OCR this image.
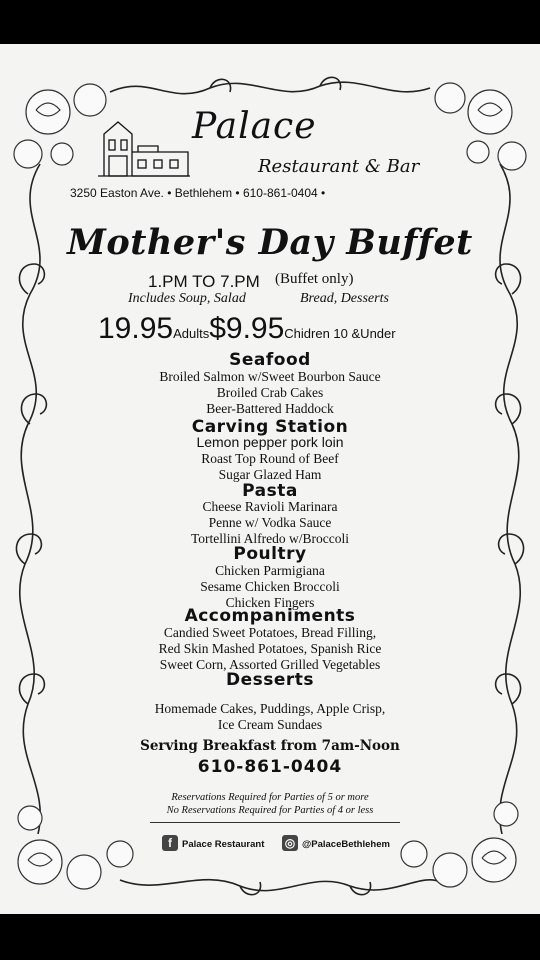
Palace
Restaurant & Bar
3250 Easton Ave. • Bethlehem • 610-861-0404 •
Mother's Day Buffet
1.PM TO 7.PM (Buffet only)
Includes Soup, Salad	Bread, Desserts
19.95Adults$9.95Chidren 10 &Under
Seafood
Broiled Salmon w/Sweet Bourbon Sauce
Broiled Crab Cakes
Beer-Battered Haddock
Carving Station
Lemon pepper pork loin
Roast Top Round of Beef
Sugar Glazed Ham
Pasta
Cheese Ravioli Marinara
Penne w/ Vodka Sauce
Tortellini Alfredo w/Broccoli
Poultry
Chicken Parmigiana
Sesame Chicken Broccoli
Chicken Fingers
Accompaniments
Candied Sweet Potatoes, Bread Filling,
Red Skin Mashed Potatoes, Spanish Rice
Sweet Corn, Assorted Grilled Vegetables
Desserts
Homemade Cakes, Puddings, Apple Crisp,
Ice Cream Sundaes
Serving Breakfast from 7am-Noon
610-861-0404
Reservations Required for Parties of 5 or more
No Reservations Required for Parties of 4 or less
f	Palace Restaurant ◎ @PalaceBethlehem
